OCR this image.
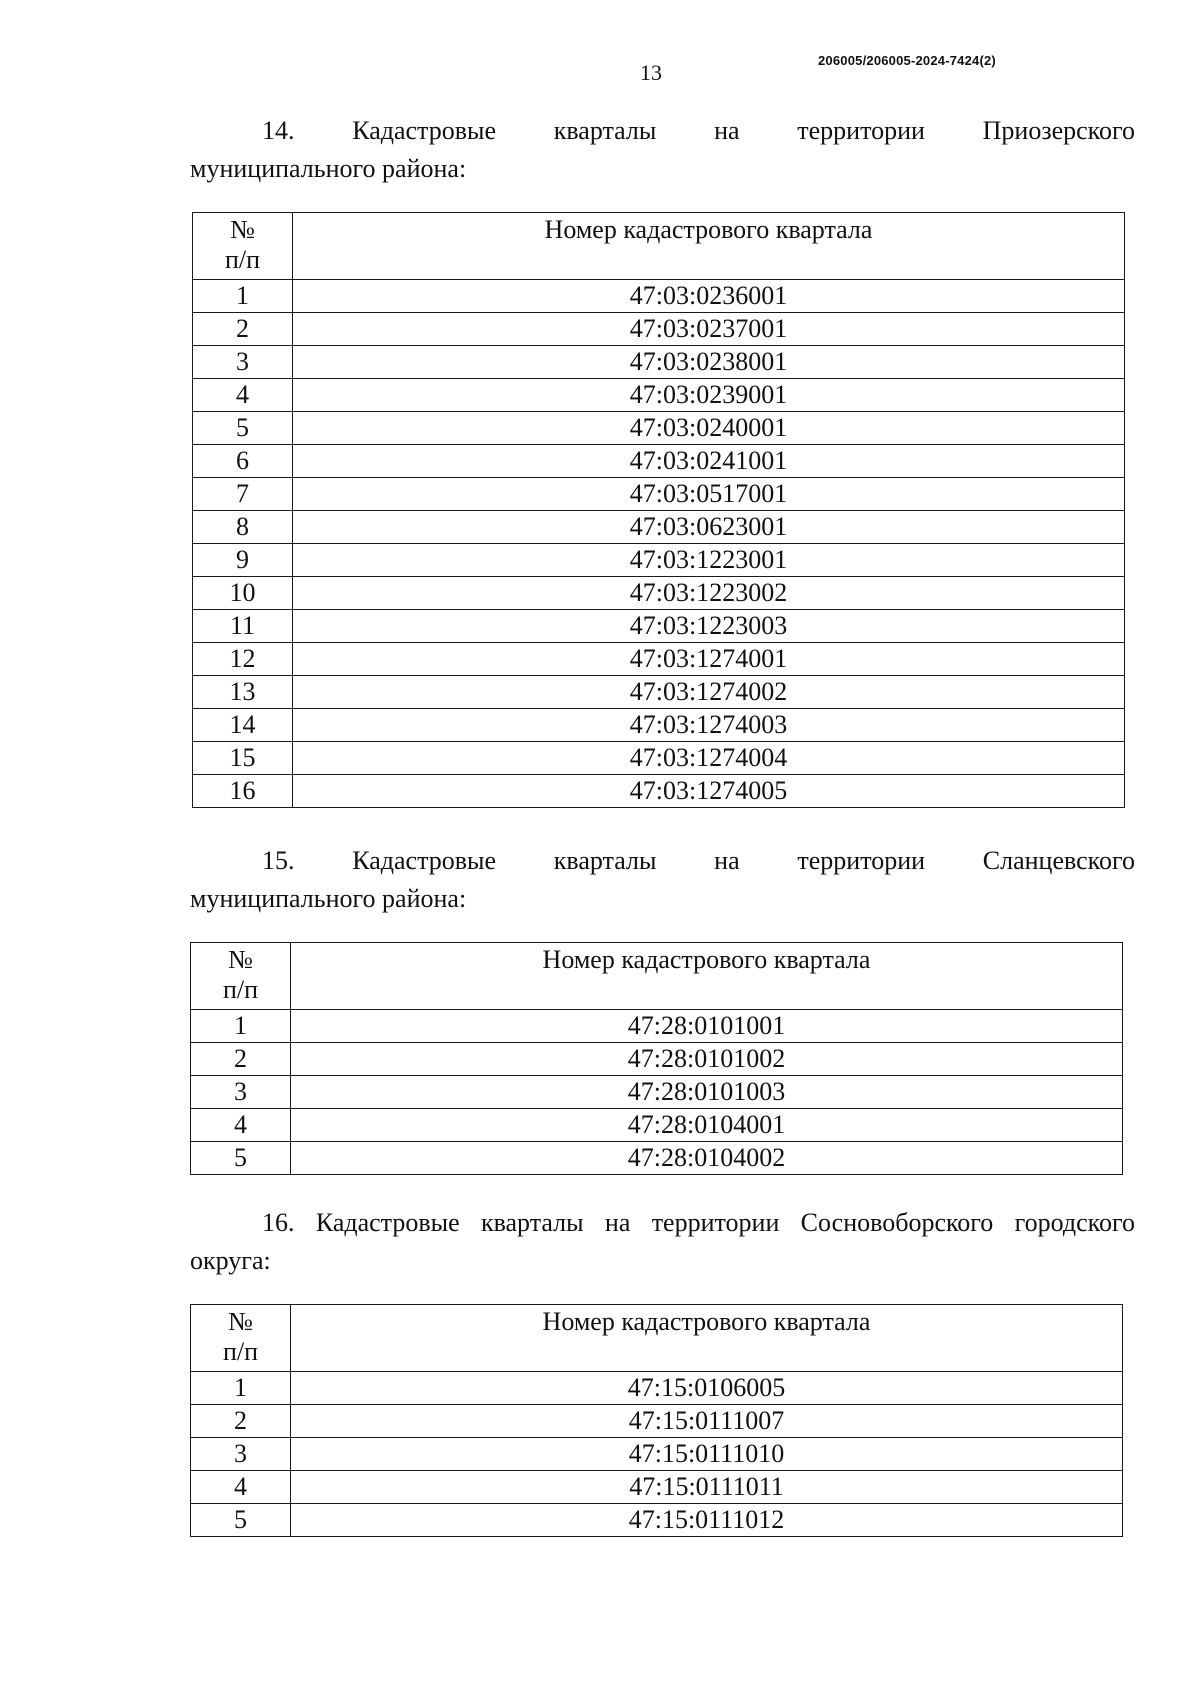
13	206005/206005-2024-7424(2)
14. Кадастровые кварталы на территории Приозерского
муниципального района:
№
п/п	Номер кадастрового квартала
1	47:03:0236001
2	47:03:0237001
3	47:03:0238001
4	47:03:0239001
5	47:03:0240001
6	47:03:0241001
7	47:03:0517001
8	47:03:0623001
9	47:03:1223001
10	47:03:1223002
11	47:03:1223003
12	47:03:1274001
13	47:03:1274002
14	47:03:1274003
15	47:03:1274004
16	47:03:1274005
15. Кадастровые кварталы на территории Сланцевского
муниципального района:
№
п/п	Номер кадастрового квартала
1	47:28:0101001
2	47:28:0101002
3	47:28:0101003
4	47:28:0104001
5	47:28:0104002
16. Кадастровые кварталы на территории Сосновоборского городского
округа:
№
п/п	Номер кадастрового квартала
1	47:15:0106005
2	47:15:0111007
3	47:15:0111010
4	47:15:0111011
5	47:15:0111012
